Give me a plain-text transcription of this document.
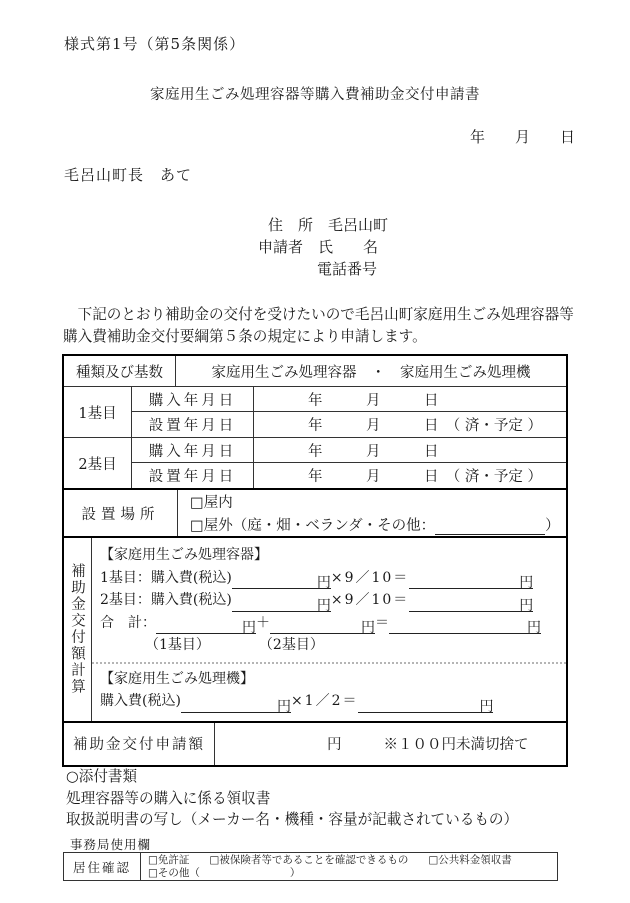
様式第1号（第5条関係）
家庭用生ごみ処理容器等購入費補助金交付申請書
年　　月　　日
毛呂山町長　あて
住　所　毛呂山町
申請者　氏　　名
電話番号
下記のとおり補助金の交付を受けたいので毛呂山町家庭用生ごみ処理容器等
購入費補助金交付要綱第５条の規定により申請します。
種類及び基数	家庭用生ごみ処理容器　・　家庭用生ごみ処理機
1基目
購入年月日	年　　　月　　　日
設置年月日	年　　　月　　　日　（ 済・予定 ）
2基目
購入年月日	年　　　月　　　日
設置年月日	年　　　月　　　日　（ 済・予定 ）
設置場所
□屋内
□屋外（庭・畑・ベランダ・その他：	）
補助金交付額計算
【家庭用生ごみ処理容器】
1基目：購入費(税込)	円×9／10＝	円
2基目：購入費(税込)	円×9／10＝	円
合　計：	円＋	円＝	円
（1基目）	（2基目）
【家庭用生ごみ処理機】
購入費(税込)	円×1／2＝	円
補助金交付申請額	円	※１００円未満切捨て
○添付書類
処理容器等の購入に係る領収書
取扱説明書の写し（メーカー名・機種・容量が記載されているもの）
事務局使用欄
居住確認	□免許証 □被保険者等であることを確認できるもの □公共料金領収書
□その他（	）
